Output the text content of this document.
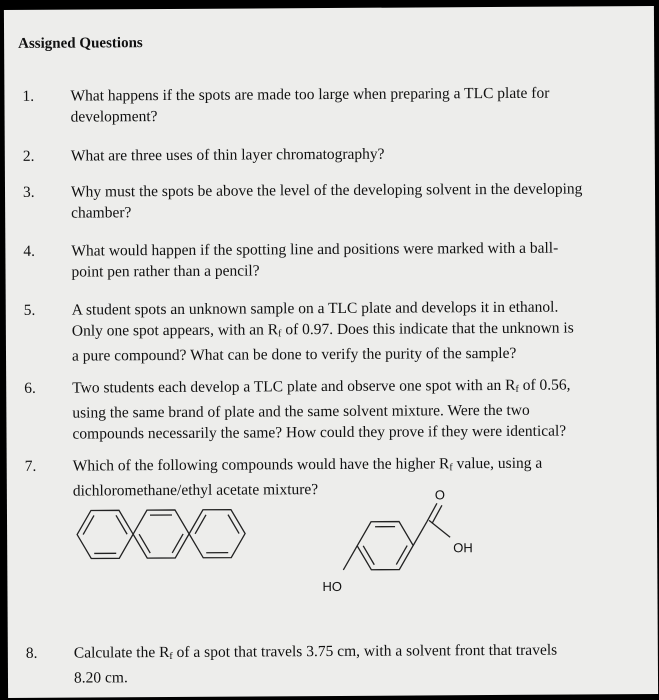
Assigned Questions
1. What happens if the spots are made too large when preparing a TLC plate for
development?
2. What are three uses of thin layer chromatography?
3. Why must the spots be above the level of the developing solvent in the developing
chamber?
4. What would happen if the spotting line and positions were marked with a ball-
point pen rather than a pencil?
5. A student spots an unknown sample on a TLC plate and develops it in ethanol.
Only one spot appears, with an $R_f$ of 0.97. Does this indicate that the unknown is
a pure compound? What can be done to verify the purity of the sample?
6. Two students each develop a TLC plate and observe one spot with an $R_f$ of 0.56,
using the same brand of plate and the same solvent mixture. Were the two
compounds necessarily the same? How could they prove if they were identical?
7. Which of the following compounds would have the higher $R_f$ value, using a
dichloromethane/ethyl acetate mixture?	O
OH
HO
8. Calculate the $R_f$ of a spot that travels 3.75 cm, with a solvent front that travels
8.20 cm.
